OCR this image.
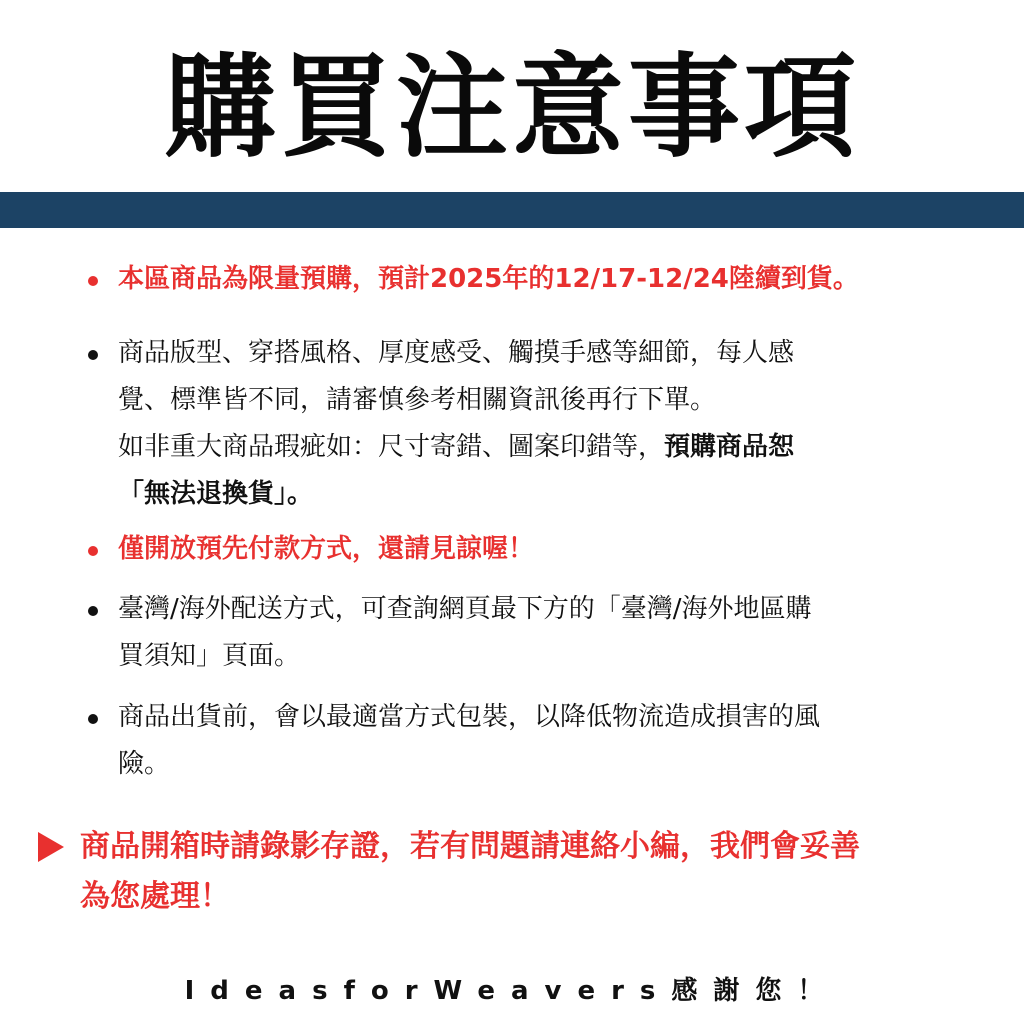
購買注意事項
本區商品為限量預購，預計2025年的12/17-12/24陸續到貨。
商品版型、穿搭風格、厚度感受、觸摸手感等細節，每人感
覺、標準皆不同，請審慎參考相關資訊後再行下單。
如非重大商品瑕疵如：尺寸寄錯、圖案印錯等，預購商品恕
「無法退換貨」。
僅開放預先付款方式，還請見諒喔！
臺灣/海外配送方式，可查詢網頁最下方的「臺灣/海外地區購
買須知」頁面。
商品出貨前，會以最適當方式包裝，以降低物流造成損害的風
險。
商品開箱時請錄影存證，若有問題請連絡小編，我們會妥善
為您處理！
IdeasforWeavers感謝您！
